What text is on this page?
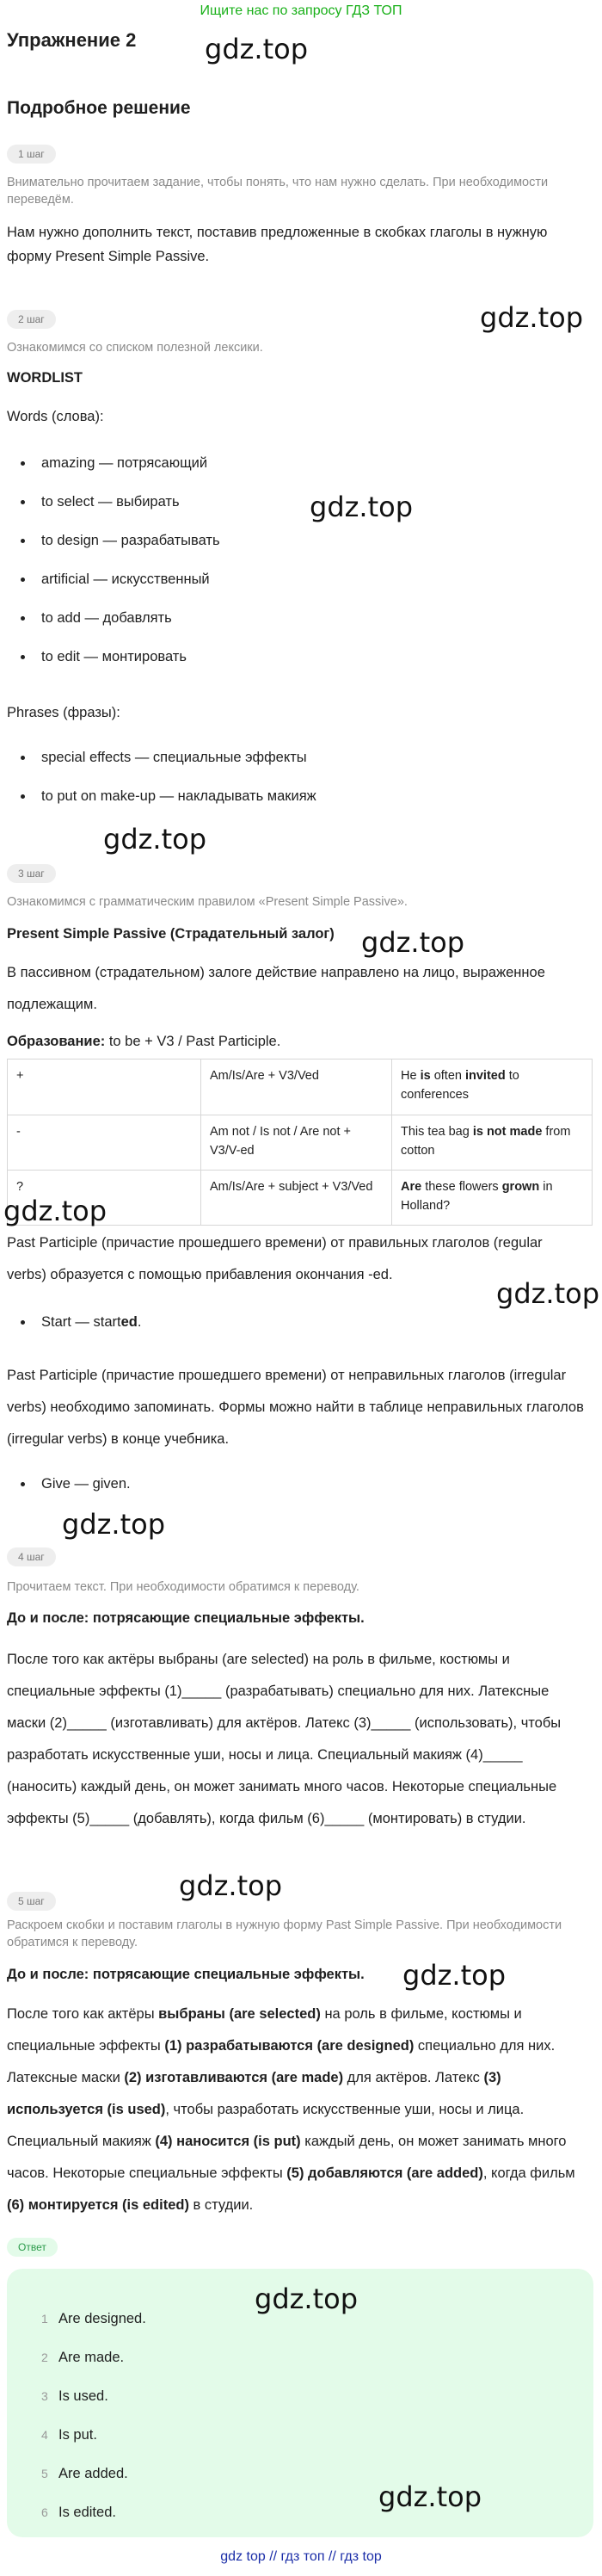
Ищите нас по запросу ГДЗ ТОП
Упражнение 2 gdz.top
Подробное решение
1 шаг
Внимательно прочитаем задание, чтобы понять, что нам нужно сделать. При необходимости переведём.
Нам нужно дополнить текст, поставив предложенные в скобках глаголы в нужную форму Present Simple Passive.
2 шаг	gdz.top
Ознакомимся со списком полезной лексики.
WORDLIST
Words (слова):
amazing — потрясающий
to select — выбирать
to design — разрабатывать
artificial — искусственный
to add — добавлять
to edit — монтировать
gdz.top
Phrases (фразы):
special effects — специальные эффекты
to put on make-up — накладывать макияж
gdz.top
3 шаг
Ознакомимся с грамматическим правилом «Present Simple Passive».
Present Simple Passive (Страдательный залог) gdz.top
В пассивном (страдательном) залоге действие направлено на лицо, выраженное подлежащим.
Образование: to be + V3 / Past Participle.
+	Am/Is/Are + V3/Ved	He is often invited to conferences
-	Am not / Is not / Are not + V3/V-ed	This tea bag is not made from cotton
?	Am/Is/Are + subject + V3/Ved	Are these flowers grown in Holland?
gdz.top
Past Participle (причастие прошедшего времени) от правильных глаголов (regular verbs) образуется с помощью прибавления окончания -ed.
gdz.top
Start — started.
Past Participle (причастие прошедшего времени) от неправильных глаголов (irregular verbs) необходимо запоминать. Формы можно найти в таблице неправильных глаголов (irregular verbs) в конце учебника.
Give — given.
gdz.top
4 шаг
Прочитаем текст. При необходимости обратимся к переводу.
До и после: потрясающие специальные эффекты.
После того как актёры выбраны (are selected) на роль в фильме, костюмы и специальные эффекты (1)_____ (разрабатывать) специально для них. Латексные маски (2)_____ (изготавливать) для актёров. Латекс (3)_____ (использовать), чтобы разработать искусственные уши, носы и лица. Специальный макияж (4)_____ (наносить) каждый день, он может занимать много часов. Некоторые специальные эффекты (5)_____ (добавлять), когда фильм (6)_____ (монтировать) в студии.
gdz.top
5 шаг
Раскроем скобки и поставим глаголы в нужную форму Past Simple Passive. При необходимости обратимся к переводу.
До и после: потрясающие специальные эффекты. gdz.top
После того как актёры выбраны (are selected) на роль в фильме, костюмы и специальные эффекты (1) разрабатываются (are designed) специально для них. Латексные маски (2) изготавливаются (are made) для актёров. Латекс (3) используется (is used), чтобы разработать искусственные уши, носы и лица. Специальный макияж (4) наносится (is put) каждый день, он может занимать много часов. Некоторые специальные эффекты (5) добавляются (are added), когда фильм (6) монтируется (is edited) в студии.
Ответ
1 Are designed.
2 Are made.
3 Is used.
4 Is put.
5 Are added.
6 Is edited.
gdz.top
gdz.top
gdz top // гдз топ // гдз top
